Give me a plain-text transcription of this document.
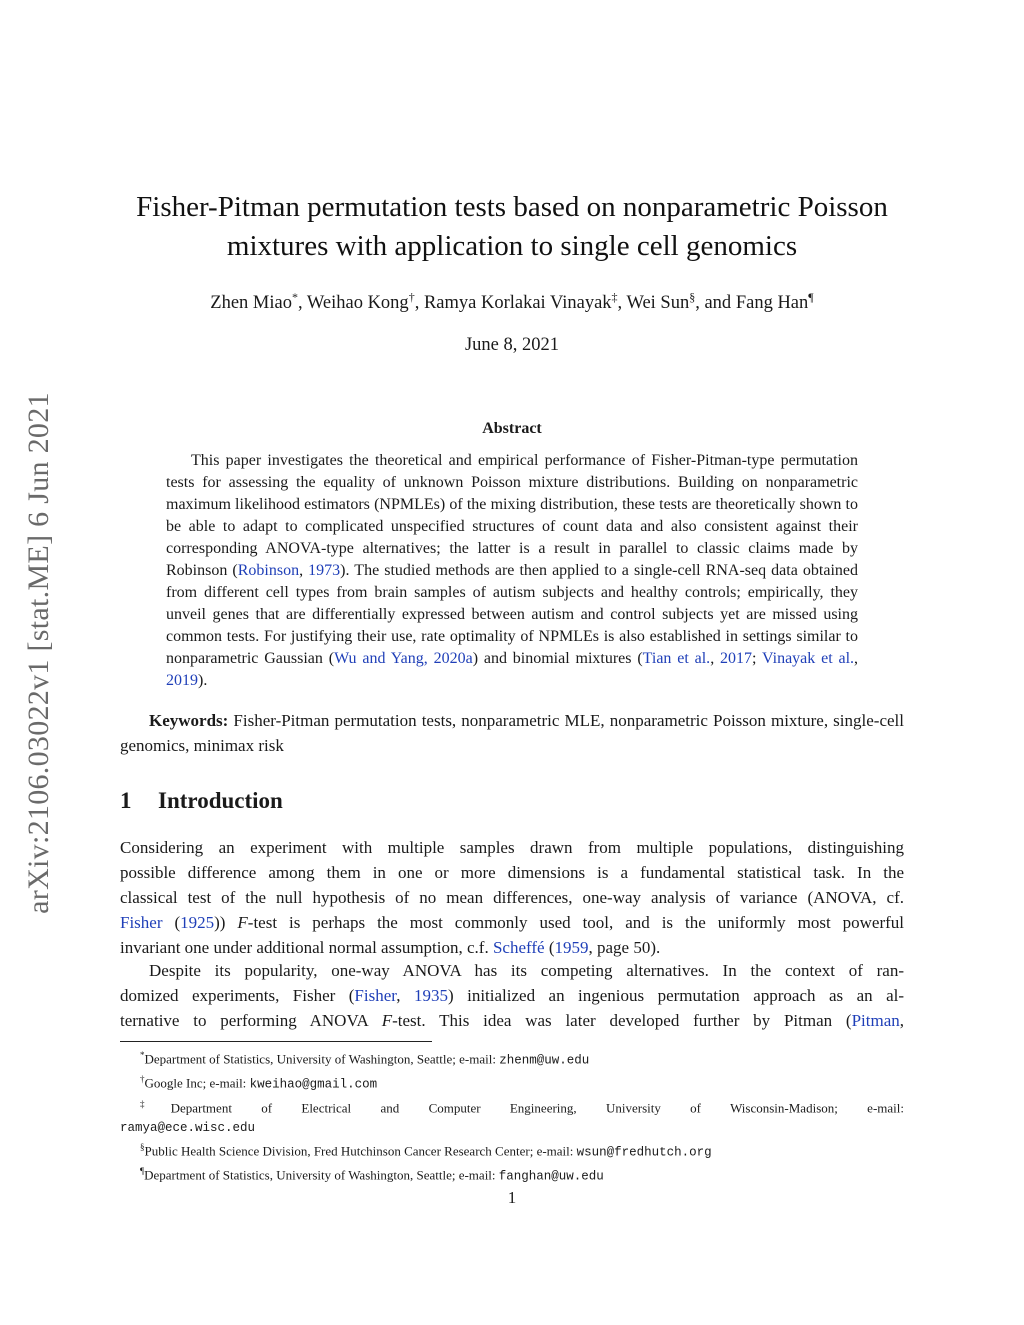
arXiv:2106.03022v1 [stat.ME] 6 Jun 2021
Fisher-Pitman permutation tests based on nonparametric Poisson
mixtures with application to single cell genomics
Zhen Miao*, Weihao Kong†, Ramya Korlakai Vinayak‡, Wei Sun§, and Fang Han¶
June 8, 2021
Abstract

This paper investigates the theoretical and empirical performance of Fisher-Pitman-type permutation tests for assessing the equality of unknown Poisson mixture distributions. Building on nonparametric maximum likelihood estimators (NPMLEs) of the mixing distribution, these tests are theoretically shown to be able to adapt to complicated unspecified structures of count data and also consistent against their corresponding ANOVA-type alternatives; the latter is a result in parallel to classic claims made by Robinson (Robinson, 1973). The studied methods are then applied to a single-cell RNA-seq data obtained from different cell types from brain samples of autism subjects and healthy controls; empirically, they unveil genes that are differentially expressed between autism and control subjects yet are missed using common tests. For justifying their use, rate optimality of NPMLEs is also established in settings similar to nonparametric Gaussian (Wu and Yang, 2020a) and binomial mixtures (Tian et al., 2017; Vinayak et al., 2019).

Keywords: Fisher-Pitman permutation tests, nonparametric MLE, nonparametric Poisson mixture, single-cell genomics, minimax risk

1 Introduction
Considering an experiment with multiple samples drawn from multiple populations, distinguishing
possible difference among them in one or more dimensions is a fundamental statistical task. In the
classical test of the null hypothesis of no mean differences, one-way analysis of variance (ANOVA, cf.
Fisher (1925)) F-test is perhaps the most commonly used tool, and is the uniformly most powerful
invariant one under additional normal assumption, c.f. Scheffé (1959, page 50).
Despite its popularity, one-way ANOVA has its competing alternatives. In the context of ran-
domized experiments, Fisher (Fisher, 1935) initialized an ingenious permutation approach as an al-
ternative to performing ANOVA F-test. This idea was later developed further by Pitman (Pitman,

*Department of Statistics, University of Washington, Seattle; e-mail: zhenm@uw.edu

†Google Inc; e-mail: kweihao@gmail.com

‡Department of Electrical and Computer Engineering, University of Wisconsin-Madison; e-mail:

ramya@ece.wisc.edu

§Public Health Science Division, Fred Hutchinson Cancer Research Center; e-mail: wsun@fredhutch.org

¶Department of Statistics, University of Washington, Seattle; e-mail: fanghan@uw.edu

1
